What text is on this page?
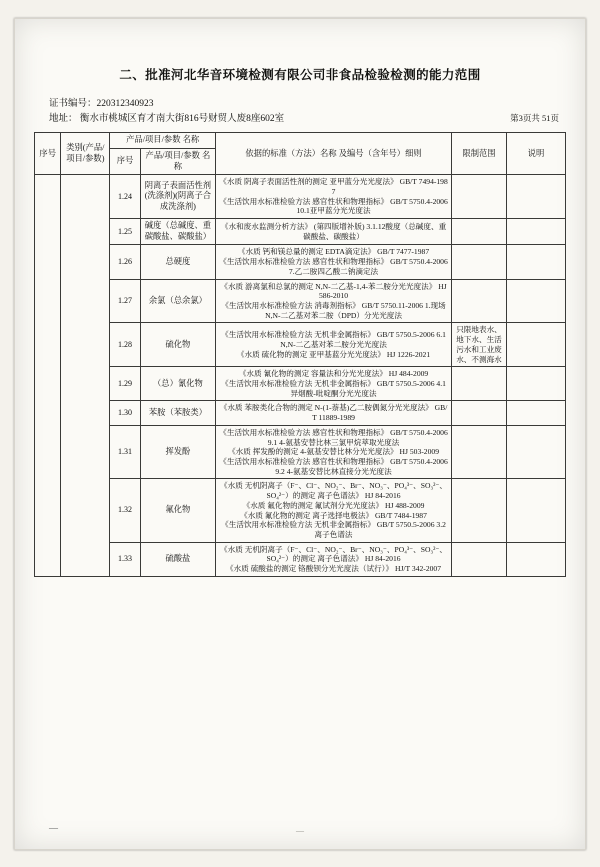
二、批准河北华音环境检测有限公司非食品检验检测的能力范围
证书编号：220312340923
地址： 衡水市桃城区育才南大街816号财贸人废8座602室	第3页共 51页
序号	类别(产品/项目/参数)	产品/项目/参数 名称		依据的标准（方法）名称 及编号（含年号）细则	限制范围	说明
		序号	产品/项目/参数 名称			
		1.24	阴离子表面活性剂(洗涤剂)(阴离子合成洗涤剂)	《水质 阴离子表面活性剂的测定 亚甲蓝分光光度法》 GB/T 7494-1987
《生活饮用水标准检验方法 感官性状和物理指标》 GB/T 5750.4-2006 10.1亚甲蓝分光光度法		

		1.25	碱度（总碱度、重碳酸盐、碳酸盐）	《水和废水监测分析方法》 (第四版增补版) 3.1.12酸度（总碱度、重碳酸盐、碳酸盐）		

		1.26	总硬度	《水质 钙和镁总量的测定 EDTA滴定法》 GB/T 7477-1987
《生活饮用水标准检验方法 感官性状和物理指标》 GB/T 5750.4-2006 7.乙二胺四乙酸二钠滴定法		

		1.27	余氯（总余氯）	《水质 游离氯和总氯的测定 N,N-二乙基-1,4-苯二胺分光光度法》 HJ 586-2010
《生活饮用水标准检验方法 消毒剂指标》 GB/T 5750.11-2006 1.现场 N,N-二乙基对苯二胺（DPD）分光光度法		

		1.28	硫化物	《生活饮用水标准检验方法 无机非金属指标》 GB/T 5750.5-2006 6.1 N,N-二乙基对苯二胺分光光度法
《水质 硫化物的测定 亚甲基蓝分光光度法》 HJ 1226-2021	只限地表水、地下水、生活污水和工业废水、不测海水	
		1.29	（总）氰化物	《水质 氰化物的测定 容量法和分光光度法》 HJ 484-2009
《生活饮用水标准检验方法 无机非金属指标》 GB/T 5750.5-2006 4.1异烟酸-吡啶酮分光光度法		

		1.30	苯胺（苯胺类）	《水质 苯胺类化合物的测定 N-(1-萘基)乙二胺偶氮分光光度法》 GB/T 11889-1989		

		1.31	挥发酚	《生活饮用水标准检验方法 感官性状和物理指标》 GB/T 5750.4-2006 9.1 4-氨基安替比林三氯甲烷萃取光度法
《水质 挥发酚的测定 4-氨基安替比林分光光度法》 HJ 503-2009
《生活饮用水标准检验方法 感官性状和物理指标》 GB/T 5750.4-2006 9.2 4-氨基安替比林直接分光光度法		

		1.32	氟化物	《水质 无机阴离子（F⁻、Cl⁻、NO₂⁻、Br⁻、NO₃⁻、PO₄³⁻、SO₃²⁻、SO₄²⁻）的测定 离子色谱法》 HJ 84-2016
《水质 氟化物的测定 氟试剂分光光度法》 HJ 488-2009
《水质 氟化物的测定 离子选择电极法》 GB/T 7484-1987
《生活饮用水标准检验方法 无机非金属指标》 GB/T 5750.5-2006 3.2离子色谱法		

		1.33	硫酸盐	《水质 无机阴离子（F⁻、Cl⁻、NO₂⁻、Br⁻、NO₃⁻、PO₄³⁻、SO₃²⁻、SO₄²⁻）的测定 离子色谱法》 HJ 84-2016
《水质 硫酸盐的测定 铬酸钡分光光度法（试行）》 HJ/T 342-2007		

—	—
